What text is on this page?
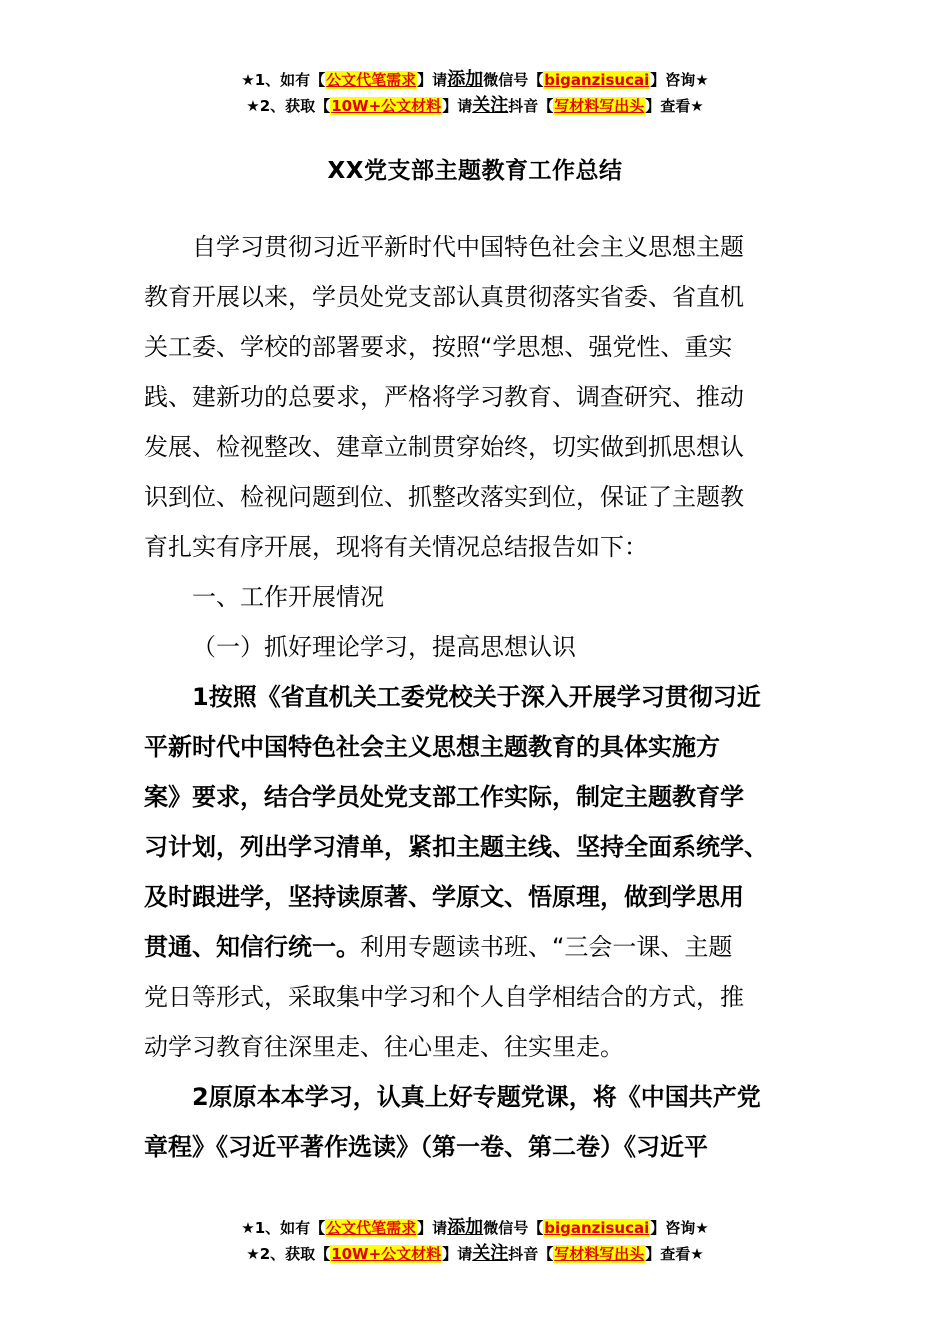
★1、如有【公文代笔需求】请添加微信号【biganzisucai】咨询★
★2、获取【10W+公文材料】请关注抖音【写材料写出头】查看★
XX党支部主题教育工作总结
自学习贯彻习近平新时代中国特色社会主义思想主题
教育开展以来，学员处党支部认真贯彻落实省委、省直机
关工委、学校的部署要求，按照“学思想、强党性、重实
践、建新功的总要求，严格将学习教育、调查研究、推动
发展、检视整改、建章立制贯穿始终，切实做到抓思想认
识到位、检视问题到位、抓整改落实到位，保证了主题教
育扎实有序开展，现将有关情况总结报告如下：
一、工作开展情况
（一）抓好理论学习，提高思想认识
1按照《省直机关工委党校关于深入开展学习贯彻习近
平新时代中国特色社会主义思想主题教育的具体实施方
案》要求，结合学员处党支部工作实际，制定主题教育学
习计划，列出学习清单，紧扣主题主线、坚持全面系统学、
及时跟进学，坚持读原著、学原文、悟原理，做到学思用
贯通、知信行统一。利用专题读书班、“三会一课、主题
党日等形式，采取集中学习和个人自学相结合的方式，推
动学习教育往深里走、往心里走、往实里走。
2原原本本学习，认真上好专题党课，将《中国共产党
章程》《习近平著作选读》（第一卷、第二卷）《习近平
★1、如有【公文代笔需求】请添加微信号【biganzisucai】咨询★
★2、获取【10W+公文材料】请关注抖音【写材料写出头】查看★
